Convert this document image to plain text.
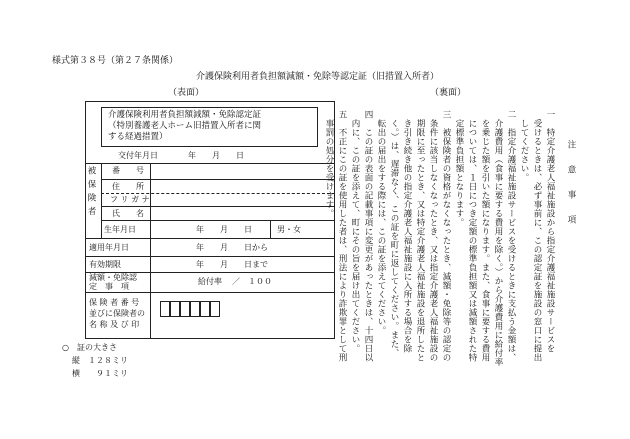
様式第３８号（第２７条関係）
介護保険利用者負担額減額・免除等認定証（旧措置入所者）
（表面）	（裏面）
介護保険利用者負担額減額・免除認定証
（特別養護老人ホーム旧措置入所者に関
する経過措置）
交付年月日	年　　月　　日
被保険者 番　　号
住　　所
フ リ ガ ナ
氏　　名
生年月日	年　　月　　日	男・女
適用年月日	年　　月　　日から
有効期限	年　　月　　日まで
減額・免除認
定　事　項
給付率 ／　１００
保 険 者 番 号
並びに保険者の
名 称 及 び 印
○　証の大きさ
縦　１２８ミリ
横　　９１ミリ
注　意　事　項
一　特定介護老人福祉施設から指定介護福祉施設サービスを
　受けるときは、必ず事前に、この認定証を施設の窓口に提出
　してください。
二　指定介護福祉施設サービスを受けるときに支払う金額は、
　介護費用（食事に要する費用を除く。）から介護費用に給付率
　を乗じた額を引いた額になります。また、食事に要する費用
　については、１日につき定額の標準負担額又は減額された特
　定標準負担額となります。
三　被保険者の資格がなくなったとき、減額・免除等の認定の
　条件に該当しなくなったとき、又は指定介護老人福祉施設の
　期限に至ったとき、又は特定介護老人福祉施設を退所したと
　き引き続き他の指定介護老人福祉施設に入所する場合を除
　く。）は、遅滞なく、この証を町に返してください。また、
　転出の届出をする際には、この証を添えてください。
四　この証の表面の記載事項に変更があったときは、十四日以
　内に、この証を添えて、町にその旨を届け出てください。
五　不正にこの証を使用した者は、刑法により詐欺罪として刑
　事罰の処分を受けます。
